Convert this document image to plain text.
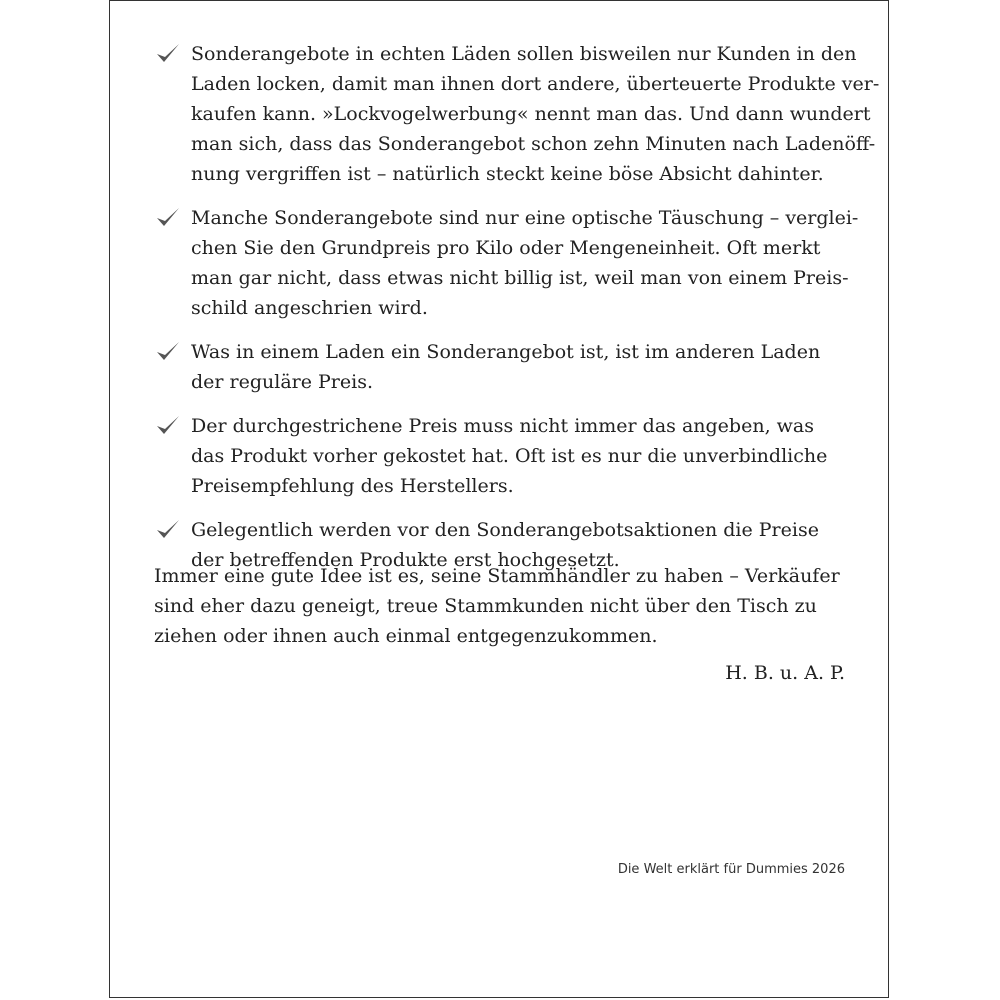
Sonderangebote in echten Läden sollen bisweilen nur Kunden in den
Laden locken, damit man ihnen dort andere, überteuerte Produkte ver-
kaufen kann. »Lockvogelwerbung« nennt man das. Und dann wundert
man sich, dass das Sonderangebot schon zehn Minuten nach Ladenöff-
nung vergriffen ist – natürlich steckt keine böse Absicht dahinter.
Manche Sonderangebote sind nur eine optische Täuschung – verglei-
chen Sie den Grundpreis pro Kilo oder Mengeneinheit. Oft merkt
man gar nicht, dass etwas nicht billig ist, weil man von einem Preis-
schild angeschrien wird.
Was in einem Laden ein Sonderangebot ist, ist im anderen Laden
der reguläre Preis.
Der durchgestrichene Preis muss nicht immer das angeben, was
das Produkt vorher gekostet hat. Oft ist es nur die unverbindliche
Preisempfehlung des Herstellers.
Gelegentlich werden vor den Sonderangebotsaktionen die Preise
der betreffenden Produkte erst hochgesetzt.

Immer eine gute Idee ist es, seine Stammhändler zu haben – Verkäufer
sind eher dazu geneigt, treue Stammkunden nicht über den Tisch zu
ziehen oder ihnen auch einmal entgegenzukommen.

H. B. u. A. P.

Die Welt erklärt für Dummies 2026
